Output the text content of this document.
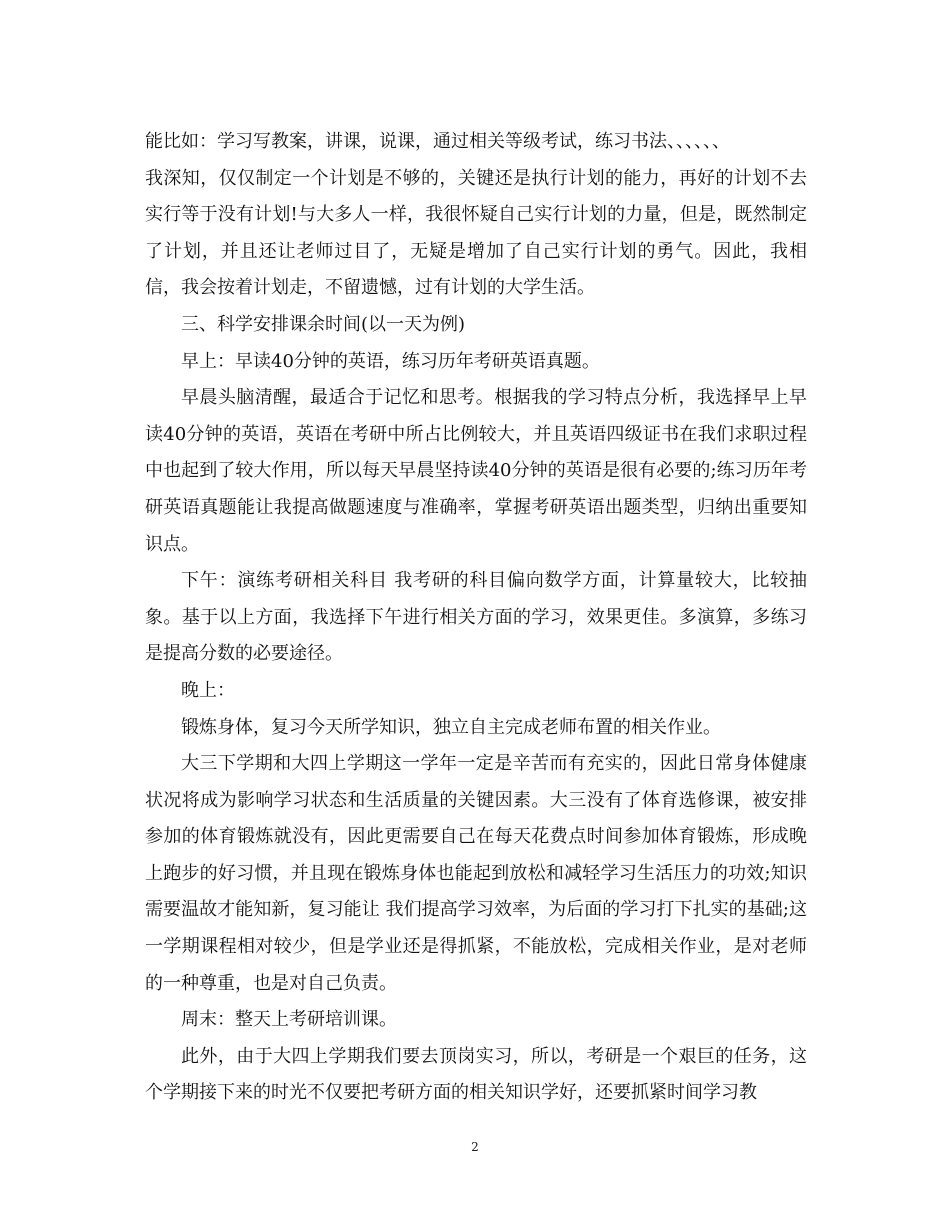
能比如：学习写教案，讲课，说课，通过相关等级考试，练习书法、、、、、、

我深知，仅仅制定一个计划是不够的，关键还是执行计划的能力，再好的计划不去实行等于没有计划!与大多人一样，我很怀疑自己实行计划的力量，但是，既然制定了计划，并且还让老师过目了，无疑是增加了自己实行计划的勇气。因此，我相信，我会按着计划走，不留遗憾，过有计划的大学生活。

三、科学安排课余时间(以一天为例)

早上：早读40分钟的英语，练习历年考研英语真题。

早晨头脑清醒，最适合于记忆和思考。根据我的学习特点分析，我选择早上早读40分钟的英语，英语在考研中所占比例较大，并且英语四级证书在我们求职过程中也起到了较大作用，所以每天早晨坚持读40分钟的英语是很有必要的;练习历年考研英语真题能让我提高做题速度与准确率，掌握考研英语出题类型，归纳出重要知识点。

下午：演练考研相关科目 我考研的科目偏向数学方面，计算量较大，比较抽象。基于以上方面，我选择下午进行相关方面的学习，效果更佳。多演算，多练习是提高分数的必要途径。

晚上：

锻炼身体，复习今天所学知识，独立自主完成老师布置的相关作业。

大三下学期和大四上学期这一学年一定是辛苦而有充实的，因此日常身体健康状况将成为影响学习状态和生活质量的关键因素。大三没有了体育选修课，被安排参加的体育锻炼就没有，因此更需要自己在每天花费点时间参加体育锻炼，形成晚上跑步的好习惯，并且现在锻炼身体也能起到放松和减轻学习生活压力的功效;知识需要温故才能知新，复习能让 我们提高学习效率，为后面的学习打下扎实的基础;这一学期课程相对较少，但是学业还是得抓紧，不能放松，完成相关作业，是对老师的一种尊重，也是对自己负责。

周末：整天上考研培训课。

此外，由于大四上学期我们要去顶岗实习，所以，考研是一个艰巨的任务，这个学期接下来的时光不仅要把考研方面的相关知识学好，还要抓紧时间学习教

2
